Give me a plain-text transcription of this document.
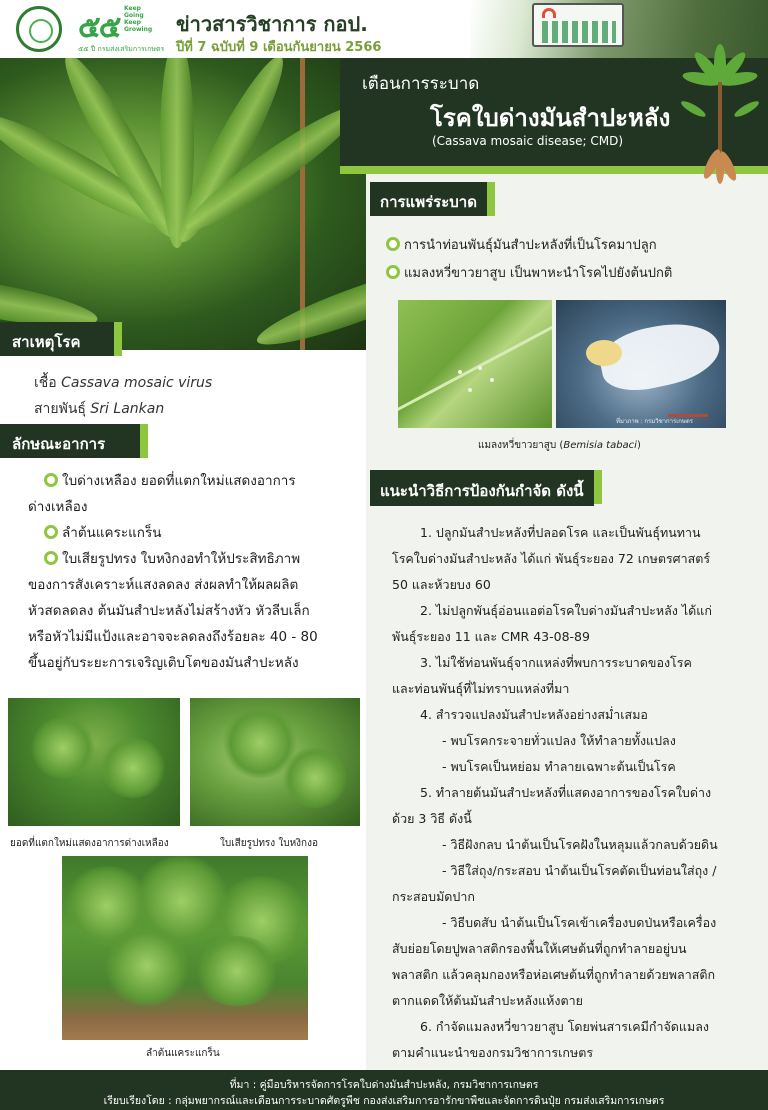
๕๕
Keep
Going
Keep
Growing
๕๕ ปี กรมส่งเสริมการเกษตร
ข่าวสารวิชาการ กอป.
ปีที่ 7 ฉบับที่ 9 เดือนกันยายน 2566
เตือนการระบาด
โรคใบด่างมันสำปะหลัง
(Cassava mosaic disease; CMD)
การแพร่ระบาด
การนำท่อนพันธุ์มันสำปะหลังที่เป็นโรคมาปลูก
แมลงหวี่ขาวยาสูบ เป็นพาหะนำโรคไปยังต้นปกติ
ที่มาภาพ : กรมวิชาการเกษตร
แมลงหวี่ขาวยาสูบ (Bemisia tabaci)
แนะนำวิธีการป้องกันกำจัด ดังนี้
1. ปลูกมันสำปะหลังที่ปลอดโรค และเป็นพันธุ์ทนทาน
โรคใบด่างมันสำปะหลัง ได้แก่ พันธุ์ระยอง 72 เกษตรศาสตร์
50 และห้วยบง 60
2. ไม่ปลูกพันธุ์อ่อนแอต่อโรคใบด่างมันสำปะหลัง ได้แก่
พันธุ์ระยอง 11 และ CMR 43-08-89
3. ไม่ใช้ท่อนพันธุ์จากแหล่งที่พบการระบาดของโรค
และท่อนพันธุ์ที่ไม่ทราบแหล่งที่มา
4. สำรวจแปลงมันสำปะหลังอย่างสม่ำเสมอ
- พบโรคกระจายทั่วแปลง ให้ทำลายทั้งแปลง
- พบโรคเป็นหย่อม ทำลายเฉพาะต้นเป็นโรค
5. ทำลายต้นมันสำปะหลังที่แสดงอาการของโรคใบด่าง
ด้วย 3 วิธี ดังนี้
- วิธีฝังกลบ นำต้นเป็นโรคฝังในหลุมแล้วกลบด้วยดิน
- วิธีใส่ถุง/กระสอบ นำต้นเป็นโรคตัดเป็นท่อนใส่ถุง /
กระสอบมัดปาก
- วิธีบดสับ นำต้นเป็นโรคเข้าเครื่องบดป่นหรือเครื่อง
สับย่อยโดยปูพลาสติกรองพื้นให้เศษต้นที่ถูกทำลายอยู่บน
พลาสติก แล้วคลุมกองหรือห่อเศษต้นที่ถูกทำลายด้วยพลาสติก
ตากแดดให้ต้นมันสำปะหลังแห้งตาย
6. กำจัดแมลงหวี่ขาวยาสูบ โดยพ่นสารเคมีกำจัดแมลง
ตามคำแนะนำของกรมวิชาการเกษตร
สาเหตุโรค
เชื้อ Cassava mosaic virus
สายพันธุ์ Sri Lankan
ลักษณะอาการ
ใบด่างเหลือง ยอดที่แตกใหม่แสดงอาการ
ด่างเหลือง
ลำต้นแคระแกร็น
ใบเสียรูปทรง ใบหงิกงอทำให้ประสิทธิภาพ
ของการสังเคราะห์แสงลดลง ส่งผลทำให้ผลผลิต
หัวสดลดลง ต้นมันสำปะหลังไม่สร้างหัว หัวลีบเล็ก
หรือหัวไม่มีแป้งและอาจจะลดลงถึงร้อยละ 40 - 80
ขึ้นอยู่กับระยะการเจริญเติบโตของมันสำปะหลัง
ยอดที่แตกใหม่แสดงอาการด่างเหลือง	ใบเสียรูปทรง ใบหงิกงอ
ลำต้นแคระแกร็น
ที่มา : คู่มือบริหารจัดการโรคใบด่างมันสำปะหลัง, กรมวิชาการเกษตร
เรียบเรียงโดย : กลุ่มพยากรณ์และเตือนการระบาดศัตรูพืช กองส่งเสริมการอารักขาพืชและจัดการดินปุ๋ย กรมส่งเสริมการเกษตร
